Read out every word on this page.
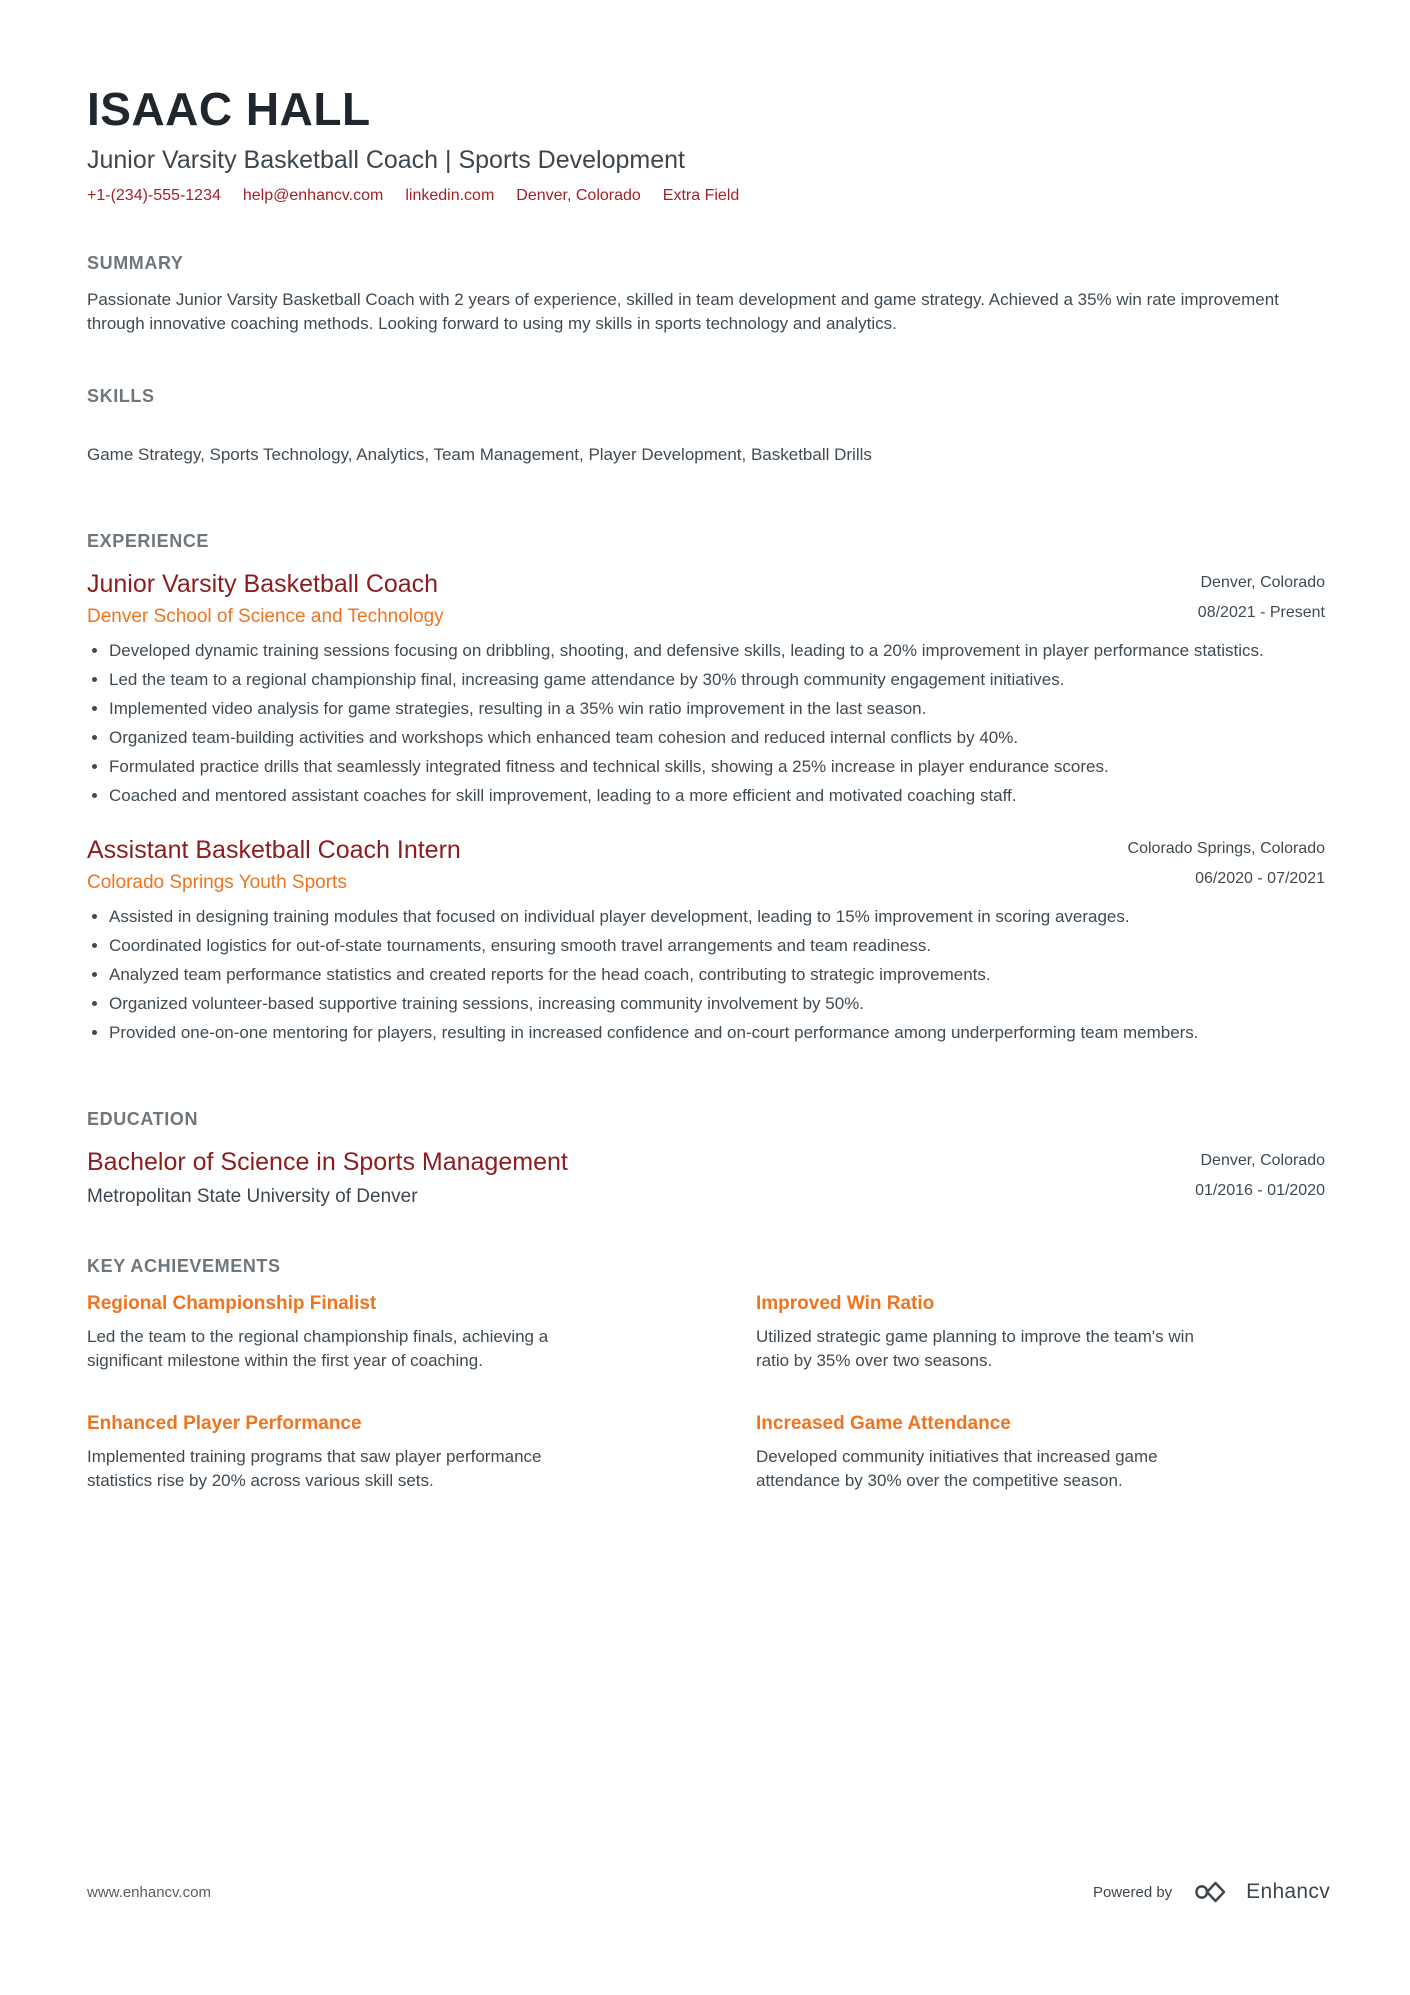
ISAAC HALL
Junior Varsity Basketball Coach | Sports Development
+1-(234)-555-1234 help@enhancv.com linkedin.com Denver, Colorado Extra Field
SUMMARY
Passionate Junior Varsity Basketball Coach with 2 years of experience, skilled in team development and game strategy. Achieved a 35% win rate improvement through innovative coaching methods. Looking forward to using my skills in sports technology and analytics.
SKILLS
Game Strategy, Sports Technology, Analytics, Team Management, Player Development, Basketball Drills
EXPERIENCE
Junior Varsity Basketball Coach
Denver School of Science and Technology
Denver, Colorado
08/2021 - Present
• Developed dynamic training sessions focusing on dribbling, shooting, and defensive skills, leading to a 20% improvement in player performance statistics.
• Led the team to a regional championship final, increasing game attendance by 30% through community engagement initiatives.
• Implemented video analysis for game strategies, resulting in a 35% win ratio improvement in the last season.
• Organized team-building activities and workshops which enhanced team cohesion and reduced internal conflicts by 40%.
• Formulated practice drills that seamlessly integrated fitness and technical skills, showing a 25% increase in player endurance scores.
• Coached and mentored assistant coaches for skill improvement, leading to a more efficient and motivated coaching staff.
Assistant Basketball Coach Intern
Colorado Springs Youth Sports
Colorado Springs, Colorado
06/2020 - 07/2021
• Assisted in designing training modules that focused on individual player development, leading to 15% improvement in scoring averages.
• Coordinated logistics for out-of-state tournaments, ensuring smooth travel arrangements and team readiness.
• Analyzed team performance statistics and created reports for the head coach, contributing to strategic improvements.
• Organized volunteer-based supportive training sessions, increasing community involvement by 50%.
• Provided one-on-one mentoring for players, resulting in increased confidence and on-court performance among underperforming team members.
EDUCATION
Bachelor of Science in Sports Management
Metropolitan State University of Denver
Denver, Colorado
01/2016 - 01/2020
KEY ACHIEVEMENTS
Regional Championship Finalist
Led the team to the regional championship finals, achieving a significant milestone within the first year of coaching.
Improved Win Ratio
Utilized strategic game planning to improve the team's win ratio by 35% over two seasons.
Enhanced Player Performance
Implemented training programs that saw player performance statistics rise by 20% across various skill sets.
Increased Game Attendance
Developed community initiatives that increased game attendance by 30% over the competitive season.
www.enhancv.com	Powered by	Enhancv
